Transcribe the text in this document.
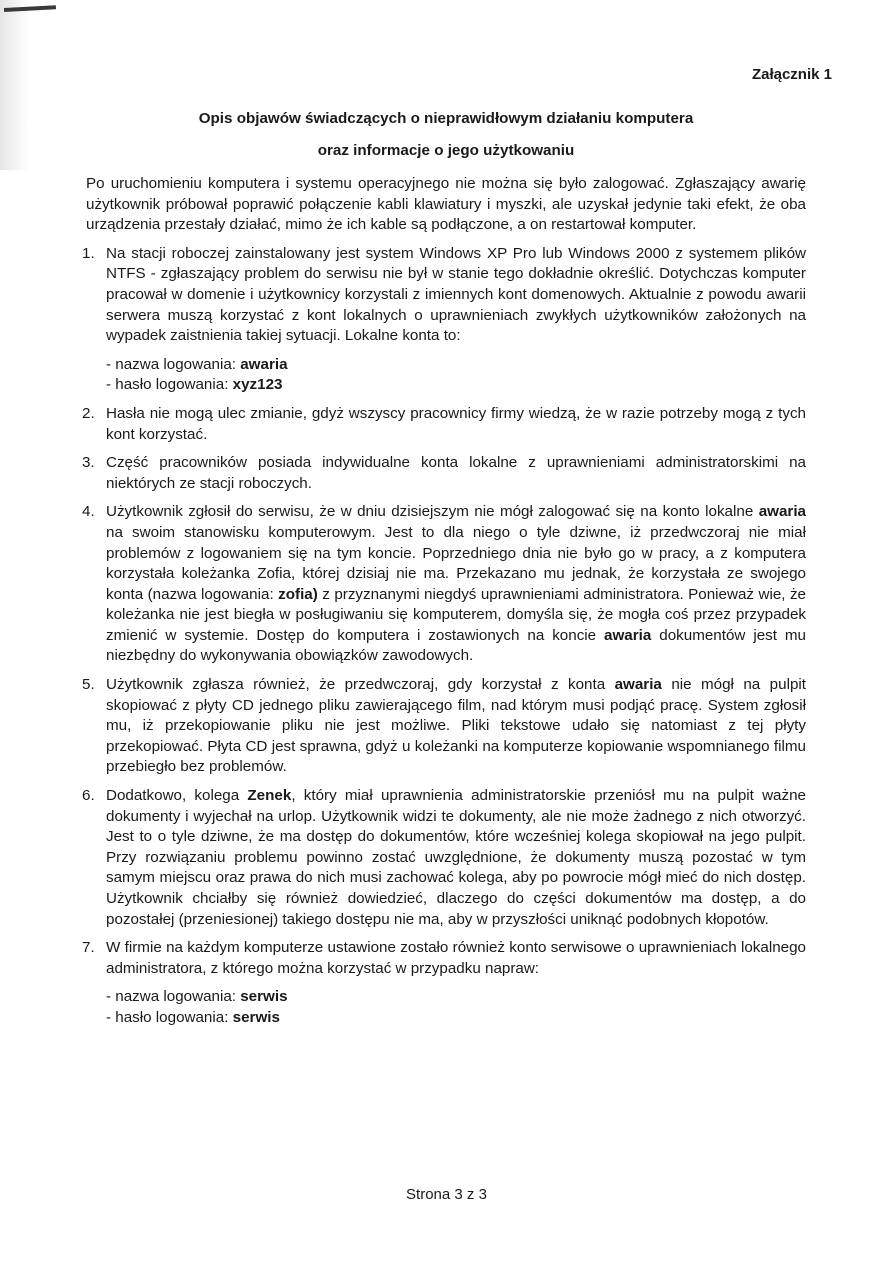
Załącznik 1
Opis objawów świadczących o nieprawidłowym działaniu komputera
oraz informacje o jego użytkowaniu

Po uruchomieniu komputera i systemu operacyjnego nie można się było zalogować. Zgłaszający awarię użytkownik próbował poprawić połączenie kabli klawiatury i myszki, ale uzyskał jedynie taki efekt, że oba urządzenia przestały działać, mimo że ich kable są podłączone, a on restartował komputer.

1. Na stacji roboczej zainstalowany jest system Windows XP Pro lub Windows 2000 z systemem plików NTFS - zgłaszający problem do serwisu nie był w stanie tego dokładnie określić. Dotychczas komputer pracował w domenie i użytkownicy korzystali z imiennych kont domenowych. Aktualnie z powodu awarii serwera muszą korzystać z kont lokalnych o uprawnieniach zwykłych użytkowników założonych na wypadek zaistnienia takiej sytuacji. Lokalne konta to:

- nazwa logowania: awaria
- hasło logowania: xyz123
2. Hasła nie mogą ulec zmianie, gdyż wszyscy pracownicy firmy wiedzą, że w razie potrzeby mogą z tych kont korzystać.

3. Część pracowników posiada indywidualne konta lokalne z uprawnieniami administratorskimi na niektórych ze stacji roboczych.

4. Użytkownik zgłosił do serwisu, że w dniu dzisiejszym nie mógł zalogować się na konto lokalne awaria na swoim stanowisku komputerowym. Jest to dla niego o tyle dziwne, iż przedwczoraj nie miał problemów z logowaniem się na tym koncie. Poprzedniego dnia nie było go w pracy, a z komputera korzystała koleżanka Zofia, której dzisiaj nie ma. Przekazano mu jednak, że korzystała ze swojego konta (nazwa logowania: zofia) z przyznanymi niegdyś uprawnieniami administratora. Ponieważ wie, że koleżanka nie jest biegła w posługiwaniu się komputerem, domyśla się, że mogła coś przez przypadek zmienić w systemie. Dostęp do komputera i zostawionych na koncie awaria dokumentów jest mu niezbędny do wykonywania obowiązków zawodowych.

5. Użytkownik zgłasza również, że przedwczoraj, gdy korzystał z konta awaria nie mógł na pulpit skopiować z płyty CD jednego pliku zawierającego film, nad którym musi podjąć pracę. System zgłosił mu, iż przekopiowanie pliku nie jest możliwe. Pliki tekstowe udało się natomiast z tej płyty przekopiować. Płyta CD jest sprawna, gdyż u koleżanki na komputerze kopiowanie wspomnianego filmu przebiegło bez problemów.

6. Dodatkowo, kolega Zenek, który miał uprawnienia administratorskie przeniósł mu na pulpit ważne dokumenty i wyjechał na urlop. Użytkownik widzi te dokumenty, ale nie może żadnego z nich otworzyć. Jest to o tyle dziwne, że ma dostęp do dokumentów, które wcześniej kolega skopiował na jego pulpit. Przy rozwiązaniu problemu powinno zostać uwzględnione, że dokumenty muszą pozostać w tym samym miejscu oraz prawa do nich musi zachować kolega, aby po powrocie mógł mieć do nich dostęp. Użytkownik chciałby się również dowiedzieć, dlaczego do części dokumentów ma dostęp, a do pozostałej (przeniesionej) takiego dostępu nie ma, aby w przyszłości uniknąć podobnych kłopotów.

7. W firmie na każdym komputerze ustawione zostało również konto serwisowe o uprawnieniach lokalnego administratora, z którego można korzystać w przypadku napraw:

- nazwa logowania: serwis
- hasło logowania: serwis
Strona 3 z 3
